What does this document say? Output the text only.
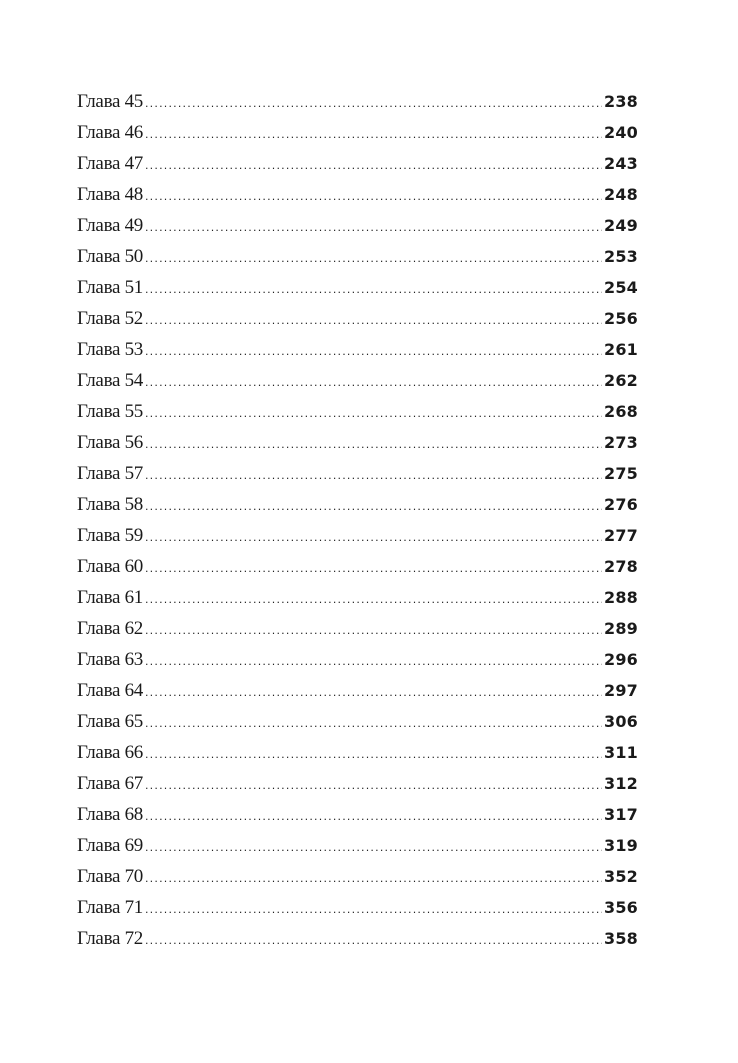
Глава 45 .....	238
Глава 46 .....	240
Глава 47 .....	243
Глава 48 .....	248
Глава 49 .....	249
Глава 50 .....	253
Глава 51 .....	254
Глава 52 .....	256
Глава 53 .....	261
Глава 54 .....	262
Глава 55 .....	268
Глава 56 .....	273
Глава 57 .....	275
Глава 58 .....	276
Глава 59 .....	277
Глава 60 .....	278
Глава 61 .....	288
Глава 62 .....	289
Глава 63 .....	296
Глава 64 .....	297
Глава 65 .....	306
Глава 66 .....	311
Глава 67 .....	312
Глава 68 .....	317
Глава 69 .....	319
Глава 70 .....	352
Глава 71 .....	356
Глава 72 .....	358
